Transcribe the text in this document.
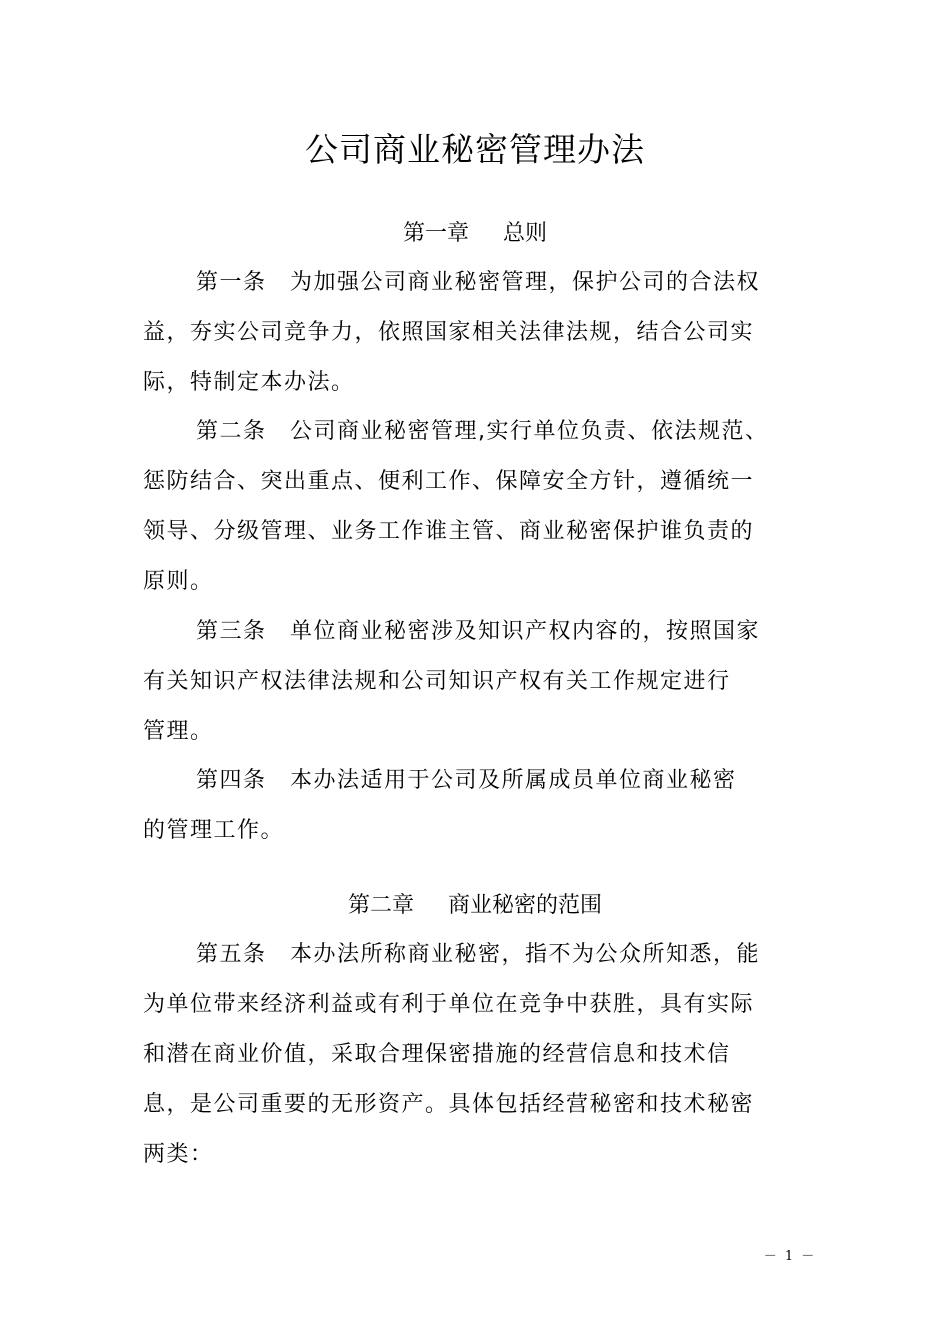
公司商业秘密管理办法
第一章 总则
第一条　为加强公司商业秘密管理，保护公司的合法权
益，夯实公司竞争力，依照国家相关法律法规，结合公司实
际，特制定本办法。
第二条　公司商业秘密管理,实行单位负责、依法规范、
惩防结合、突出重点、便利工作、保障安全方针，遵循统一
领导、分级管理、业务工作谁主管、商业秘密保护谁负责的
原则。
第三条　单位商业秘密涉及知识产权内容的，按照国家
有关知识产权法律法规和公司知识产权有关工作规定进行
管理。
第四条　本办法适用于公司及所属成员单位商业秘密
的管理工作。
第二章 商业秘密的范围
第五条　本办法所称商业秘密，指不为公众所知悉，能
为单位带来经济利益或有利于单位在竞争中获胜，具有实际
和潜在商业价值，采取合理保密措施的经营信息和技术信
息，是公司重要的无形资产。具体包括经营秘密和技术秘密
两类：
－ 1 －
